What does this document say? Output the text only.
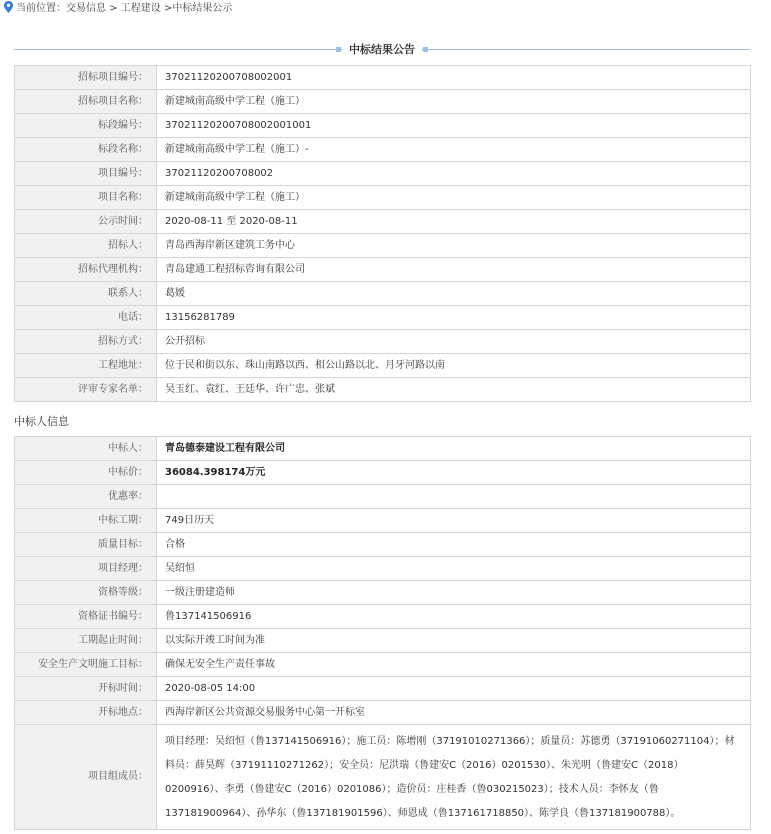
当前位置：交易信息 > 工程建设 >中标结果公示
中标结果公告
招标项目编号：	37021120200708002001
招标项目名称：	新建城南高级中学工程（施工）
标段编号：	37021120200708002001001
标段名称：	新建城南高级中学工程（施工）-
项目编号：	37021120200708002
项目名称：	新建城南高级中学工程（施工）
公示时间：	2020-08-11 至 2020-08-11
招标人：	青岛西海岸新区建筑工务中心
招标代理机构：	青岛建通工程招标咨询有限公司
联系人：	葛媛
电话：	13156281789
招标方式：	公开招标
工程地址：	位于民和街以东、珠山南路以西、相公山路以北、月牙河路以南
评审专家名单：	吴玉红、袁红、王廷华、许广忠、张斌
中标人信息
中标人：	青岛德泰建设工程有限公司
中标价：	36084.398174万元
优惠率：	
中标工期：	749日历天
质量目标：	合格
项目经理：	吴绍恒
资格等级：	一级注册建造师
资格证书编号：	鲁137141506916
工期起止时间：	以实际开竣工时间为准
安全生产文明施工目标：	确保无安全生产责任事故
开标时间：	2020-08-05 14:00
开标地点：	西海岸新区公共资源交易服务中心第一开标室
项目组成员：	项目经理：吴绍恒（鲁137141506916）；施工员：陈增刚（37191010271366）；质量员：苏德勇（37191060271104）；材料员：薛昊辉（37191110271262）；安全员：尼洪瑞（鲁建安C（2016）0201530）、朱光明（鲁建安C（2018）0200916）、李勇（鲁建安C（2016）0201086）；造价员：庄桂香（鲁030215023）；技术人员：李怀友（鲁137181900964）、孙华东（鲁137181901596）、师恩成（鲁137161718850）、陈学良（鲁137181900788）。
